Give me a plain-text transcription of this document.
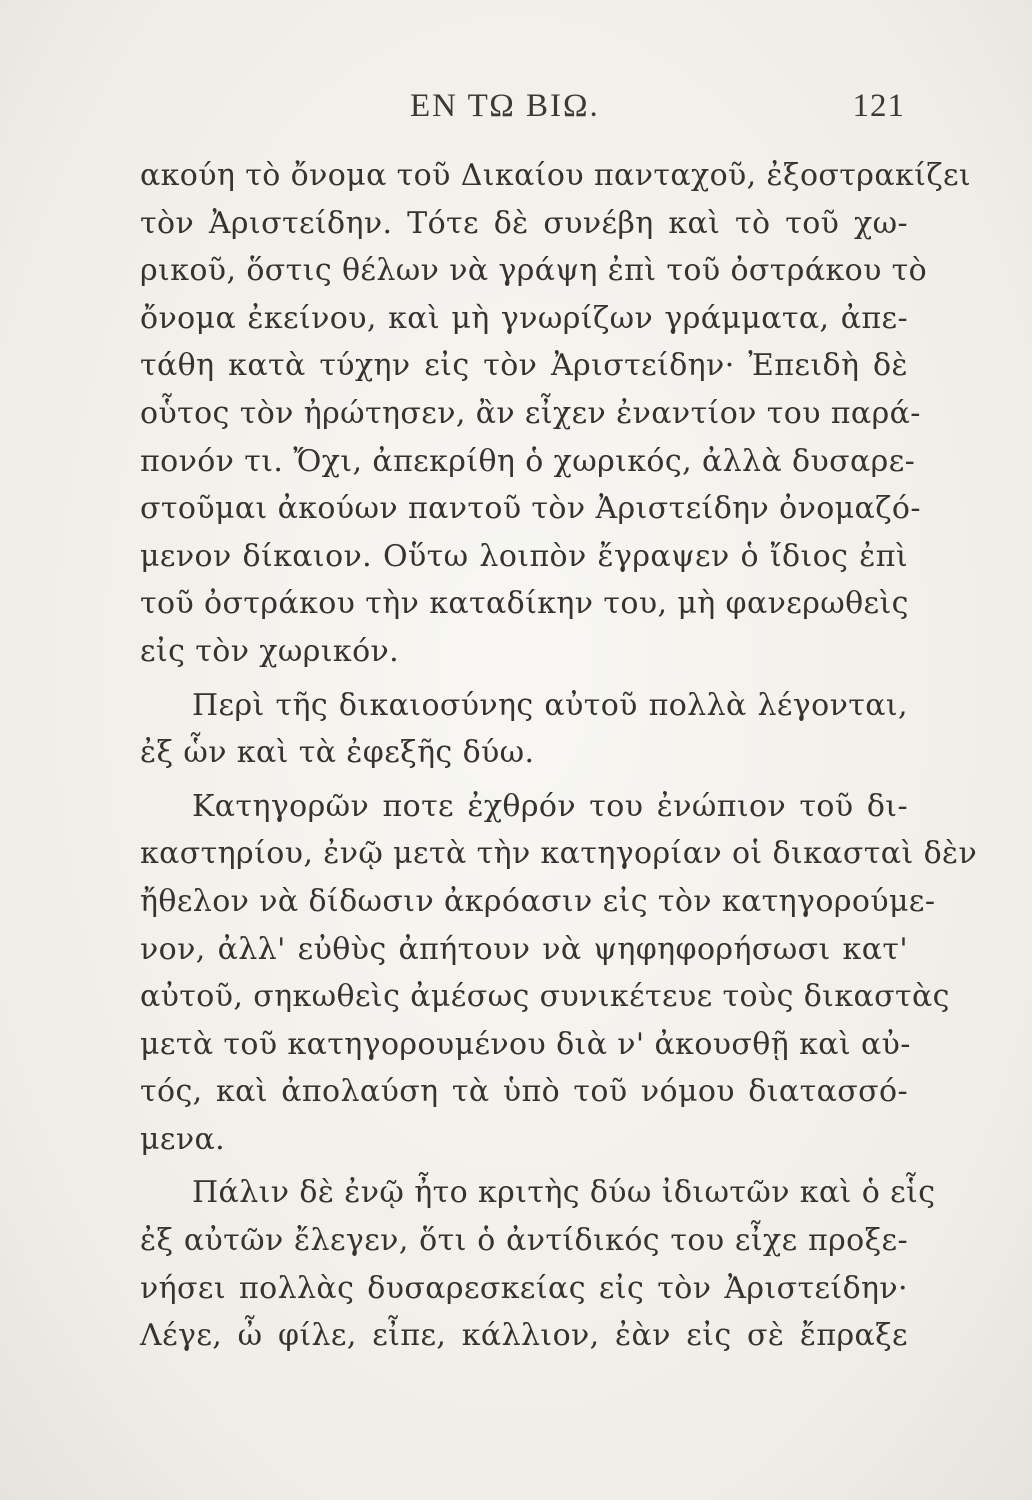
ΕΝ ΤΩ ΒΙΩ.	121
ακούη τὸ ὄνομα τοῦ Δικαίου πανταχοῦ, ἐξοστρακίζει
τὸν Ἀριστείδην. Τότε δὲ συνέβη καὶ τὸ τοῦ χω-
ρικοῦ, ὅστις θέλων νὰ γράψη ἐπὶ τοῦ ὀστράκου τὸ
ὄνομα ἐκείνου, καὶ μὴ γνωρίζων γράμματα, ἀπε-
τάθη κατὰ τύχην εἰς τὸν Ἀριστείδην· Ἐπειδὴ δὲ
οὗτος τὸν ἠρώτησεν, ἂν εἶχεν ἐναντίον του παρά-
πονόν τι. Ὄχι, ἀπεκρίθη ὁ χωρικός, ἀλλὰ δυσαρε-
στοῦμαι ἀκούων παντοῦ τὸν Ἀριστείδην ὀνομαζό-
μενον δίκαιον. Οὕτω λοιπὸν ἔγραψεν ὁ ἴδιος ἐπὶ
τοῦ ὀστράκου τὴν καταδίκην του, μὴ φανερωθεὶς
εἰς τὸν χωρικόν.
Περὶ τῆς δικαιοσύνης αὐτοῦ πολλὰ λέγονται,
ἐξ ὧν καὶ τὰ ἐφεξῆς δύω.
Κατηγορῶν ποτε ἐχθρόν του ἐνώπιον τοῦ δι-
καστηρίου, ἐνῷ μετὰ τὴν κατηγορίαν οἱ δικασταὶ δὲν
ἤθελον νὰ δίδωσιν ἀκρόασιν εἰς τὸν κατηγορούμε-
νον, ἀλλ' εὐθὺς ἀπήτουν νὰ ψηφηφορήσωσι κατ'
αὐτοῦ, σηκωθεὶς ἀμέσως συνικέτευε τοὺς δικαστὰς
μετὰ τοῦ κατηγορουμένου διὰ ν' ἀκουσθῇ καὶ αὐ-
τός, καὶ ἀπολαύση τὰ ὑπὸ τοῦ νόμου διατασσό-
μενα.
Πάλιν δὲ ἐνῷ ἦτο κριτὴς δύω ἰδιωτῶν καὶ ὁ εἷς
ἐξ αὐτῶν ἔλεγεν, ὅτι ὁ ἀντίδικός του εἶχε προξε-
νήσει πολλὰς δυσαρεσκείας εἰς τὸν Ἀριστείδην·
Λέγε, ὦ φίλε, εἶπε, κάλλιον, ἐὰν εἰς σὲ ἔπραξε
